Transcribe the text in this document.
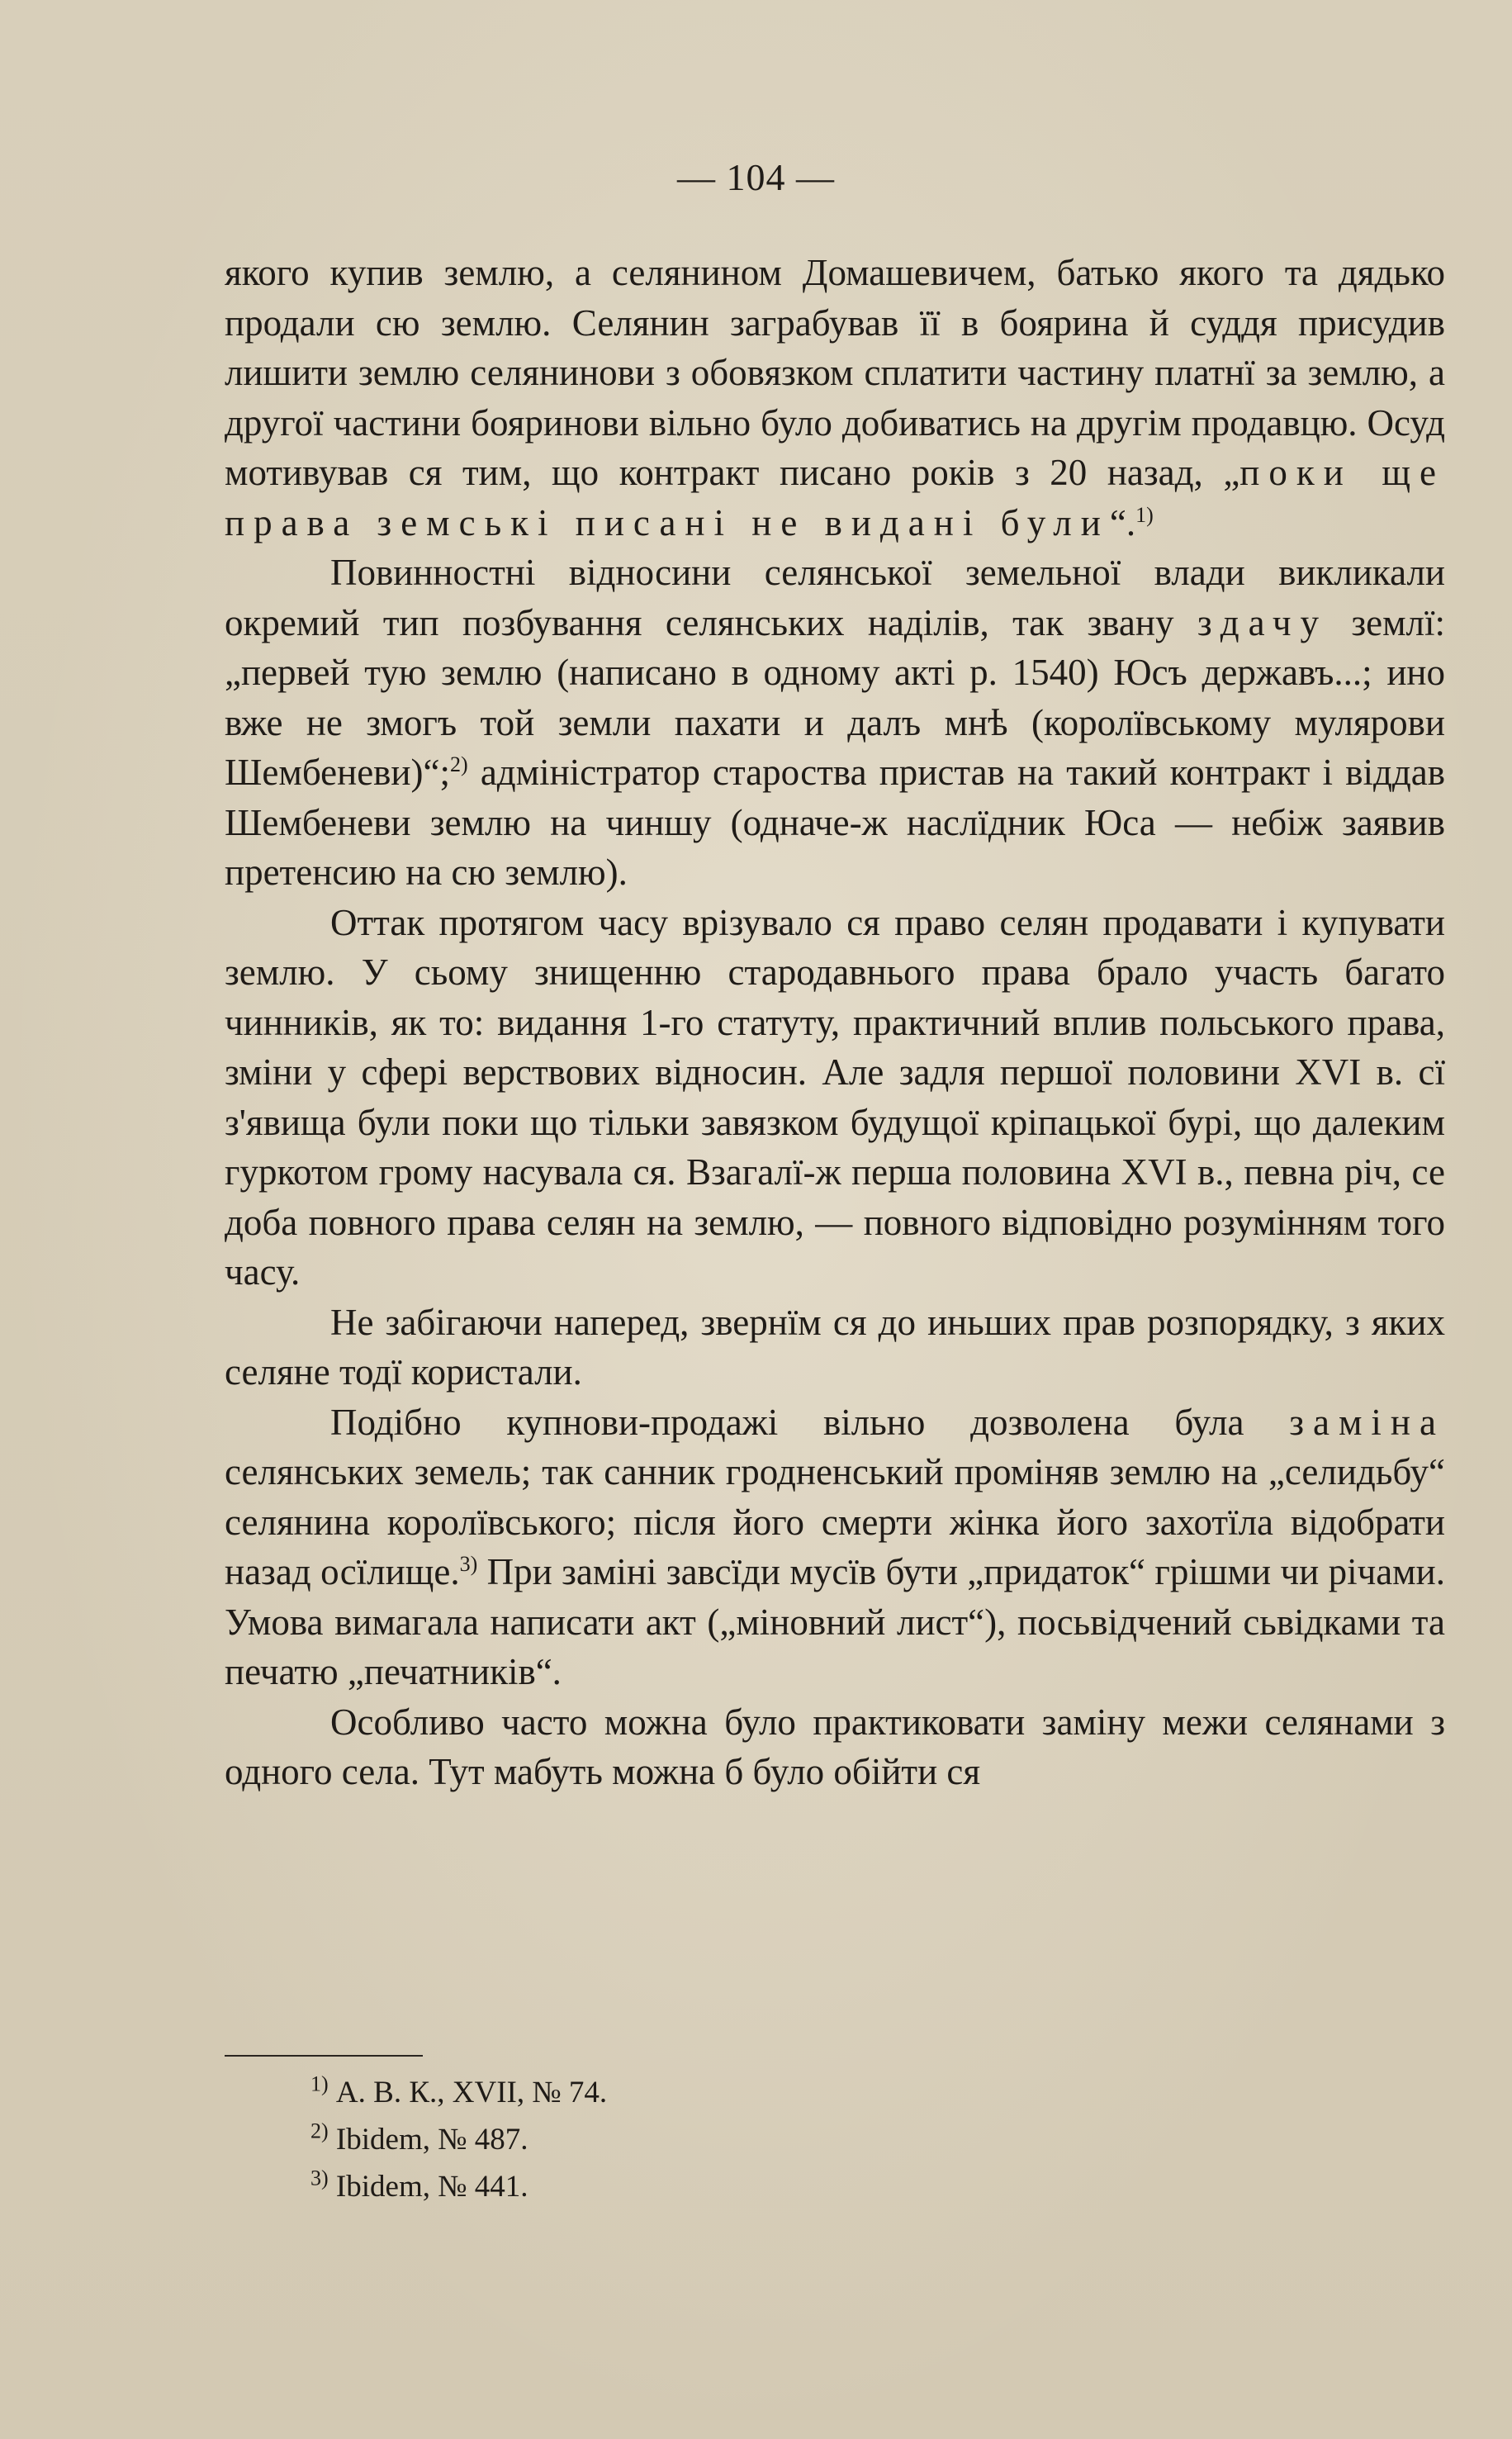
— 104 —

якого купив землю, а селянином Домашевичем, батько якого та дядько продали сю землю. Селянин заграбував її в боярина й суддя присудив лишити землю селянинови з обовязком сплатити частину платнї за землю, а другої частини бояринови вільно було добиватись на другім продавцю. Осуд мотивував ся тим, що контракт писано років з 20 назад, „поки ще права земські писані не видані були“.$^{1)}$

Повинностні відносини селянської земельної влади викликали окремий тип позбування селянських наділів, так звану здачу землї: „первей тую землю (написано в одному акті р. 1540) Юсъ державъ...; ино вже не змогъ той земли пахати и далъ мнѣ (королївському мулярови Шембеневи)“;$^{2)}$ адміністратор староства пристав на такий контракт і віддав Шембеневи землю на чиншу (одначе-ж наслїдник Юса — небіж заявив претенсию на сю землю).

Оттак протягом часу врізувало ся право селян продавати і купувати землю. У сьому знищенню стародавнього права брало участь багато чинників, як то: видання 1-го статуту, практичний вплив польського права, зміни у сфері верствових відносин. Але задля першої половини XVI в. сї з'явища були поки що тільки завязком будущої кріпацької бурі, що далеким гуркотом грому насувала ся. Взагалї-ж перша половина XVI в., певна річ, се доба повного права селян на землю, — повного відповідно розумінням того часу.

Не забігаючи наперед, звернїм ся до иньших прав розпорядку, з яких селяне тодї користали.

Подібно купнови-продажі вільно дозволена була заміна селянських земель; так санник гродненський проміняв землю на „селидьбу“ селянина королївського; після його смерти жінка його захотїла відобрати назад осїлище.$^{3)}$ При заміні завсїди мусїв бути „придаток“ грішми чи річами. Умова вимагала написати акт („міновний лист“), посьвідчений сьвідками та печатю „печатників“.

Особливо часто можна було практиковати заміну межи селянами з одного села. Тут мабуть можна б було обійти ся

$^{1)}$ А. В. К., XVII, № 74.
$^{2)}$ Ibidem, № 487.
$^{3)}$ Ibidem, № 441.
